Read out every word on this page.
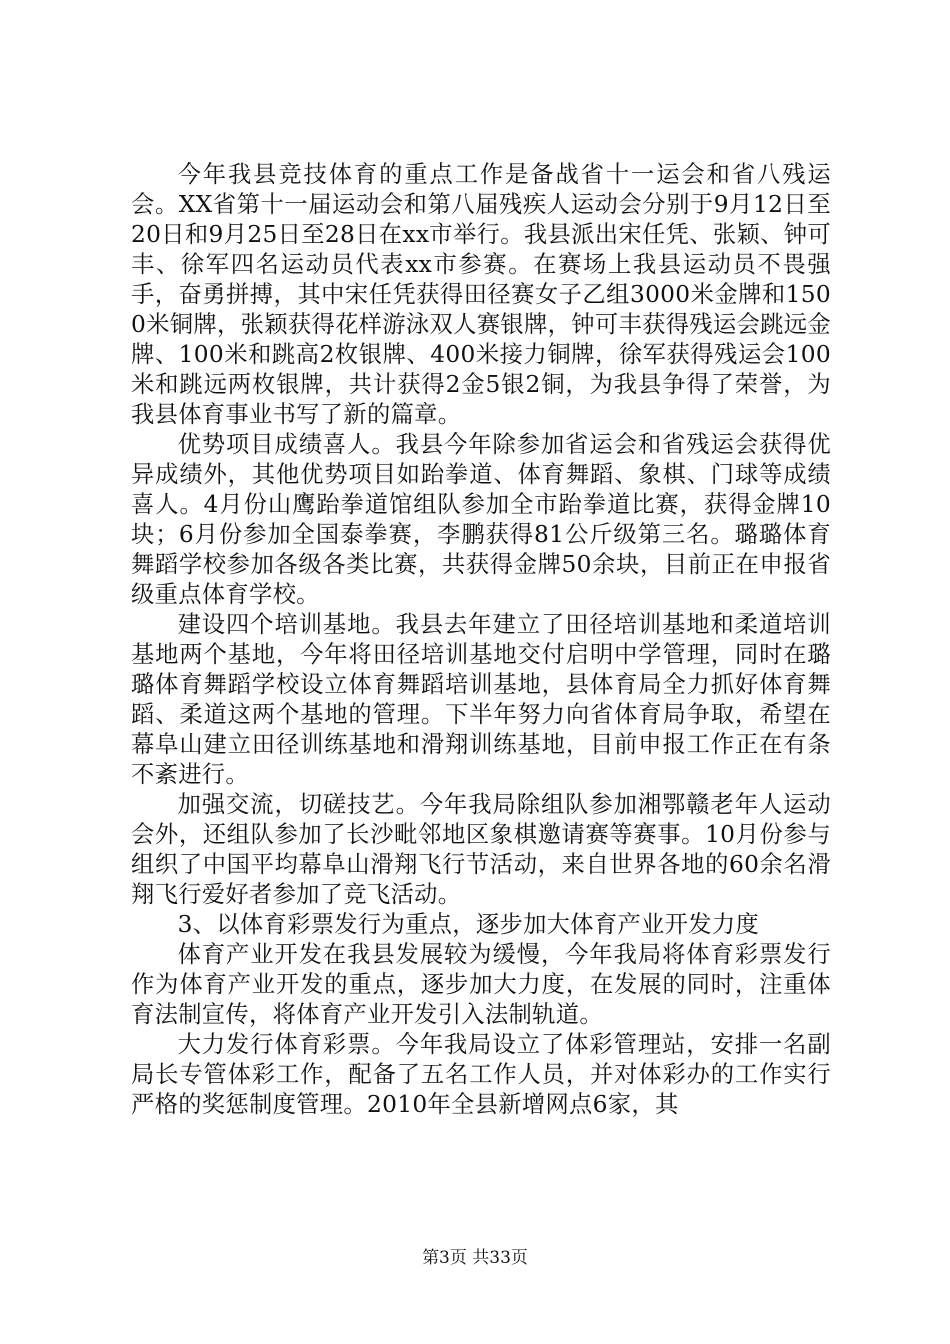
今年我县竞技体育的重点工作是备战省十一运会和省八残运会。XX省第十一届运动会和第八届残疾人运动会分别于9月12日至20日和9月25日至28日在xx市举行。我县派出宋任凭、张颖、钟可丰、徐军四名运动员代表xx市参赛。在赛场上我县运动员不畏强手，奋勇拼搏，其中宋任凭获得田径赛女子乙组3000米金牌和1500米铜牌，张颖获得花样游泳双人赛银牌，钟可丰获得残运会跳远金牌、100米和跳高2枚银牌、400米接力铜牌，徐军获得残运会100米和跳远两枚银牌，共计获得2金5银2铜，为我县争得了荣誉，为我县体育事业书写了新的篇章。

优势项目成绩喜人。我县今年除参加省运会和省残运会获得优异成绩外，其他优势项目如跆拳道、体育舞蹈、象棋、门球等成绩喜人。4月份山鹰跆拳道馆组队参加全市跆拳道比赛，获得金牌10块；6月份参加全国泰拳赛，李鹏获得81公斤级第三名。璐璐体育舞蹈学校参加各级各类比赛，共获得金牌50余块，目前正在申报省级重点体育学校。

建设四个培训基地。我县去年建立了田径培训基地和柔道培训基地两个基地，今年将田径培训基地交付启明中学管理，同时在璐璐体育舞蹈学校设立体育舞蹈培训基地，县体育局全力抓好体育舞蹈、柔道这两个基地的管理。下半年努力向省体育局争取，希望在幕阜山建立田径训练基地和滑翔训练基地，目前申报工作正在有条不紊进行。

加强交流，切磋技艺。今年我局除组队参加湘鄂赣老年人运动会外，还组队参加了长沙毗邻地区象棋邀请赛等赛事。10月份参与组织了中国平均幕阜山滑翔飞行节活动，来自世界各地的60余名滑翔飞行爱好者参加了竞飞活动。

3、以体育彩票发行为重点，逐步加大体育产业开发力度

体育产业开发在我县发展较为缓慢，今年我局将体育彩票发行作为体育产业开发的重点，逐步加大力度，在发展的同时，注重体育法制宣传，将体育产业开发引入法制轨道。

大力发行体育彩票。今年我局设立了体彩管理站，安排一名副局长专管体彩工作，配备了五名工作人员，并对体彩办的工作实行严格的奖惩制度管理。2010年全县新增网点6家，其

第3页 共33页
